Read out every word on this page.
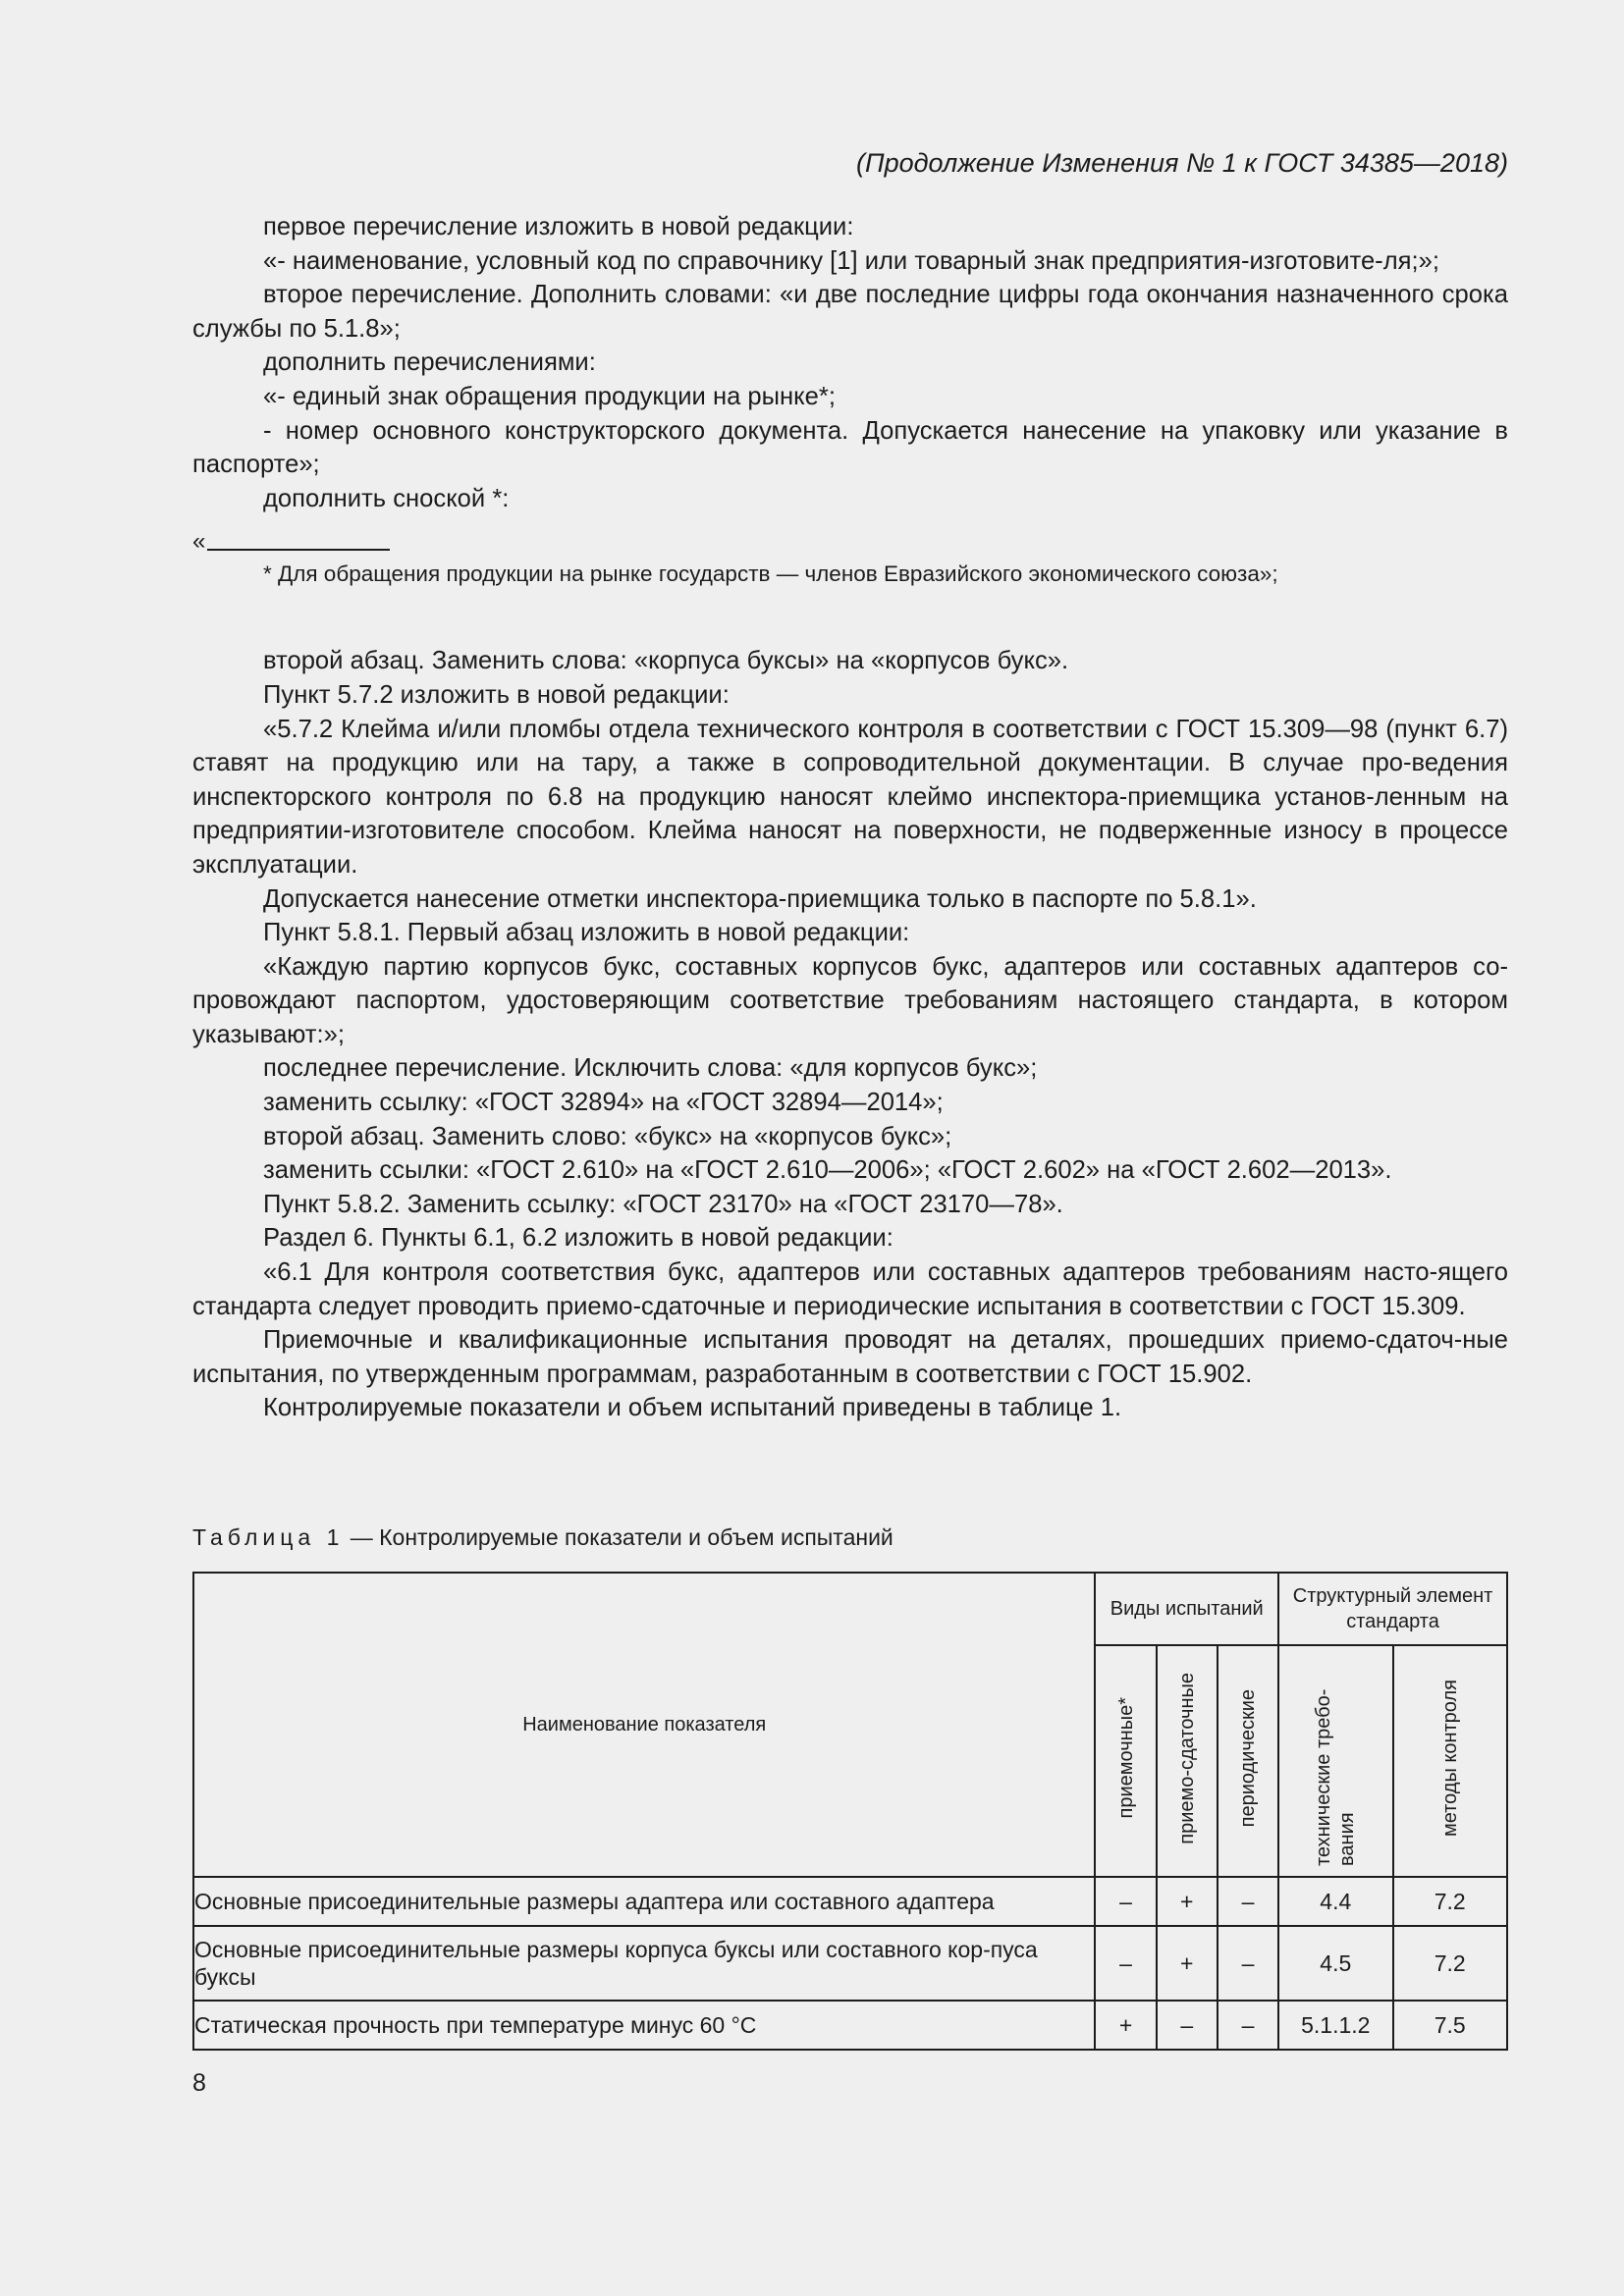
(Продолжение Изменения № 1 к ГОСТ 34385—2018)

первое перечисление изложить в новой редакции:

«- наименование, условный код по справочнику [1] или товарный знак предприятия-изготовите-ля;»;

второе перечисление. Дополнить словами: «и две последние цифры года окончания назначенного срока службы по 5.1.8»;

дополнить перечислениями:

«- единый знак обращения продукции на рынке*;

- номер основного конструкторского документа. Допускается нанесение на упаковку или указание в паспорте»;

дополнить сноской *:

«
* Для обращения продукции на рынке государств — членов Евразийского экономического союза»;

второй абзац. Заменить слова: «корпуса буксы» на «корпусов букс».

Пункт 5.7.2 изложить в новой редакции:

«5.7.2 Клейма и/или пломбы отдела технического контроля в соответствии с ГОСТ 15.309—98 (пункт 6.7) ставят на продукцию или на тару, а также в сопроводительной документации. В случае про-ведения инспекторского контроля по 6.8 на продукцию наносят клеймо инспектора-приемщика установ-ленным на предприятии-изготовителе способом. Клейма наносят на поверхности, не подверженные износу в процессе эксплуатации.

Допускается нанесение отметки инспектора-приемщика только в паспорте по 5.8.1».

Пункт 5.8.1. Первый абзац изложить в новой редакции:

«Каждую партию корпусов букс, составных корпусов букс, адаптеров или составных адаптеров со-провождают паспортом, удостоверяющим соответствие требованиям настоящего стандарта, в котором указывают:»;

последнее перечисление. Исключить слова: «для корпусов букс»;

заменить ссылку: «ГОСТ 32894» на «ГОСТ 32894—2014»;

второй абзац. Заменить слово: «букс» на «корпусов букс»;

заменить ссылки: «ГОСТ 2.610» на «ГОСТ 2.610—2006»; «ГОСТ 2.602» на «ГОСТ 2.602—2013».

Пункт 5.8.2. Заменить ссылку: «ГОСТ 23170» на «ГОСТ 23170—78».

Раздел 6. Пункты 6.1, 6.2 изложить в новой редакции:

«6.1 Для контроля соответствия букс, адаптеров или составных адаптеров требованиям насто-ящего стандарта следует проводить приемо-сдаточные и периодические испытания в соответствии с ГОСТ 15.309.

Приемочные и квалификационные испытания проводят на деталях, прошедших приемо-сдаточ-ные испытания, по утвержденным программам, разработанным в соответствии с ГОСТ 15.902.

Контролируемые показатели и объем испытаний приведены в таблице 1.

Таблица 1 — Контролируемые показатели и объем испытаний
Наименование показателя	Виды испытаний			Структурный элемент стандарта	
	приемочные*	приемо-сдаточные	периодические	технические требо-вания	методы контроля
Основные присоединительные размеры адаптера или составного адаптера	–	+	–	4.4	7.2
Основные присоединительные размеры корпуса буксы или составного кор-пуса буксы	–	+	–	4.5	7.2
Статическая прочность при температуре минус 60 °С	+	–	–	5.1.1.2	7.5
8
